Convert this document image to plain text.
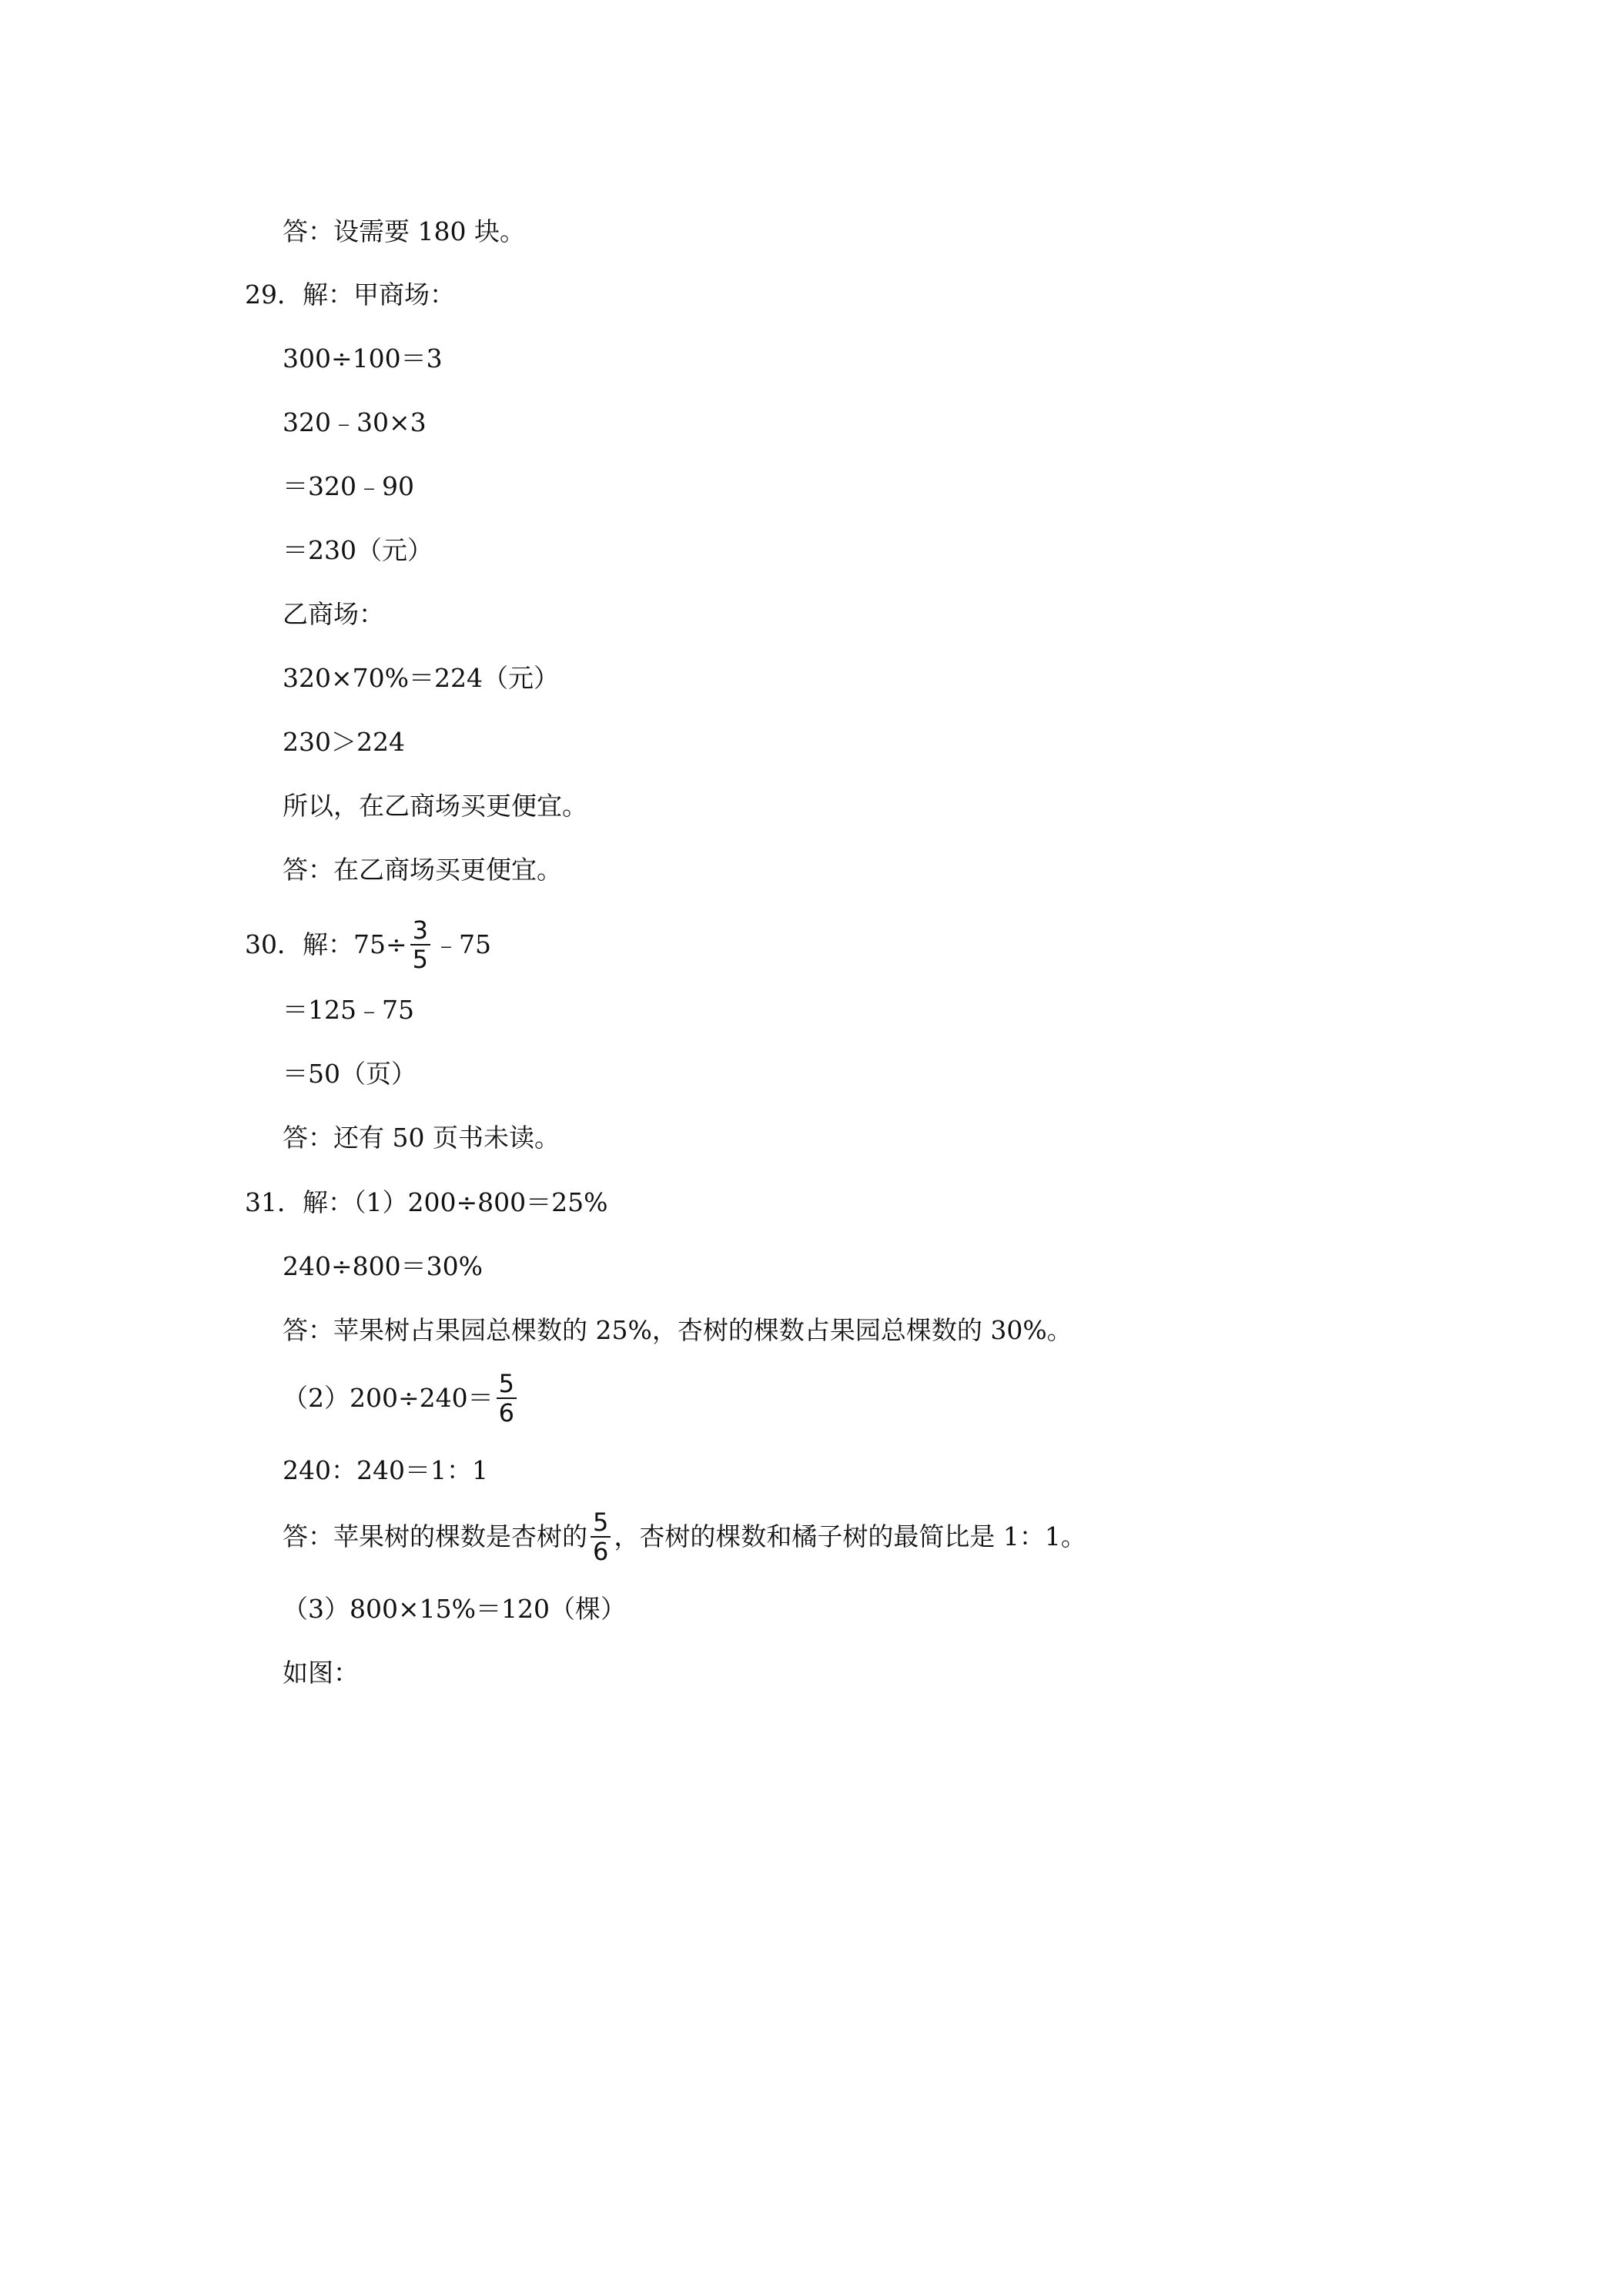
答：设需要 180 块。
29．解：甲商场：
300÷100＝3
320﹣30×3
＝320﹣90
＝230（元）
乙商场：
320×70%＝224（元）
230＞224
所以，在乙商场买更便宜。
答：在乙商场买更便宜。
30．解：$75\div \frac{3}{5}$ ﹣75
＝125﹣75
＝50（页）
答：还有 50 页书未读。
31．解：（1）200÷800＝25%
240÷800＝30%
答：苹果树占果园总棵数的 25%，杏树的棵数占果园总棵数的 30%。
$(2)200\div 240= \frac{5}{6}$
240：240＝1：1
答：苹果树的棵数是杏树的 $\frac{5}{6}$ ，杏树的棵数和橘子树的最简比是 1：1。
（3）800×15%＝120（棵）
如图：
